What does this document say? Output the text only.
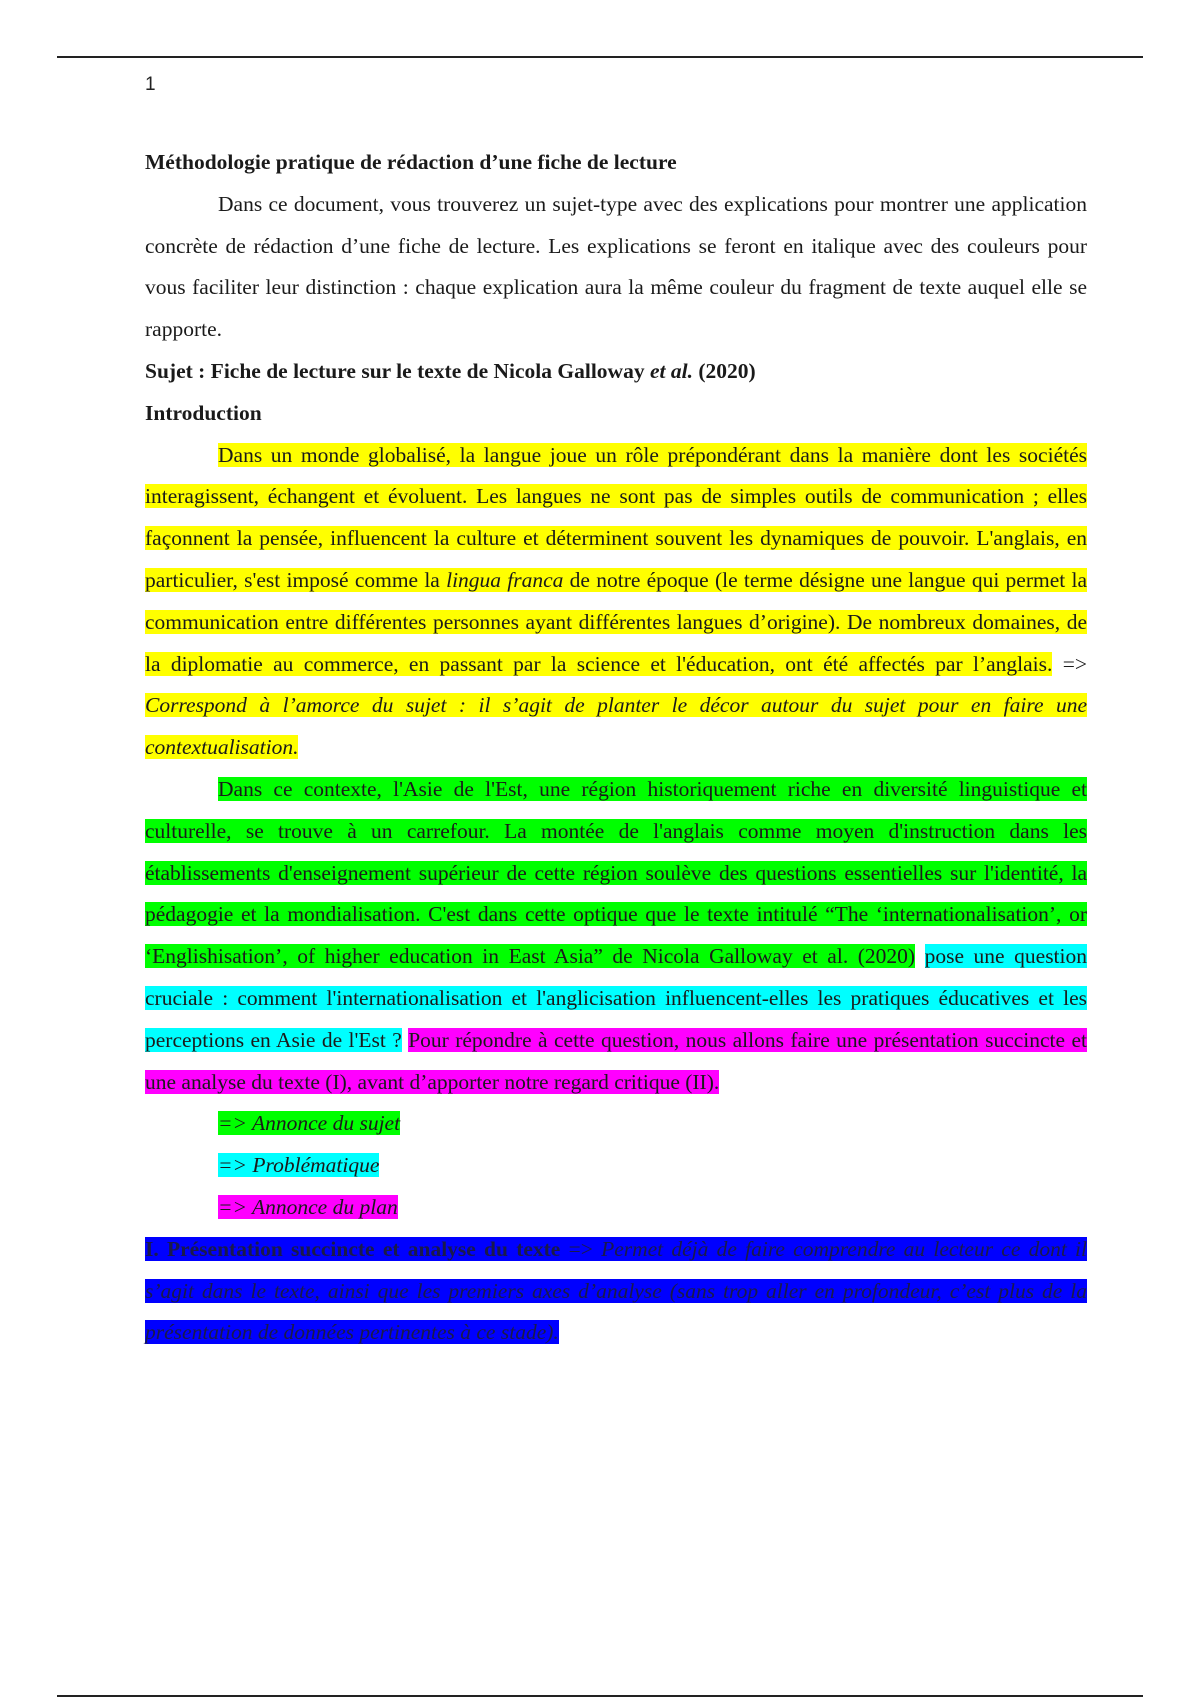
1

Méthodologie pratique de rédaction d’une fiche de lecture

Dans ce document, vous trouverez un sujet-type avec des explications pour montrer une application concrète de rédaction d’une fiche de lecture. Les explications se feront en italique avec des couleurs pour vous faciliter leur distinction : chaque explication aura la même couleur du fragment de texte auquel elle se rapporte.

Sujet : Fiche de lecture sur le texte de Nicola Galloway et al. (2020)

Introduction

Dans un monde globalisé, la langue joue un rôle prépondérant dans la manière dont les sociétés interagissent, échangent et évoluent. Les langues ne sont pas de simples outils de communication ; elles façonnent la pensée, influencent la culture et déterminent souvent les dynamiques de pouvoir. L'anglais, en particulier, s'est imposé comme la lingua franca de notre époque (le terme désigne une langue qui permet la communication entre différentes personnes ayant différentes langues d’origine). De nombreux domaines, de la diplomatie au commerce, en passant par la science et l'éducation, ont été affectés par l’anglais. => Correspond à l’amorce du sujet : il s’agit de planter le décor autour du sujet pour en faire une contextualisation.

Dans ce contexte, l'Asie de l'Est, une région historiquement riche en diversité linguistique et culturelle, se trouve à un carrefour. La montée de l'anglais comme moyen d'instruction dans les établissements d'enseignement supérieur de cette région soulève des questions essentielles sur l'identité, la pédagogie et la mondialisation. C'est dans cette optique que le texte intitulé “The ‘internationalisation’, or ‘Englishisation’, of higher education in East Asia” de Nicola Galloway et al. (2020) pose une question cruciale : comment l'internationalisation et l'anglicisation influencent-elles les pratiques éducatives et les perceptions en Asie de l'Est ? Pour répondre à cette question, nous allons faire une présentation succincte et une analyse du texte (I), avant d’apporter notre regard critique (II).

=> Annonce du sujet

=> Problématique

=> Annonce du plan

I. Présentation succincte et analyse du texte => Permet déjà de faire comprendre au lecteur ce dont il s’agit dans le texte, ainsi que les premiers axes d’analyse (sans trop aller en profondeur, c’est plus de la présentation de données pertinentes à ce stade).
